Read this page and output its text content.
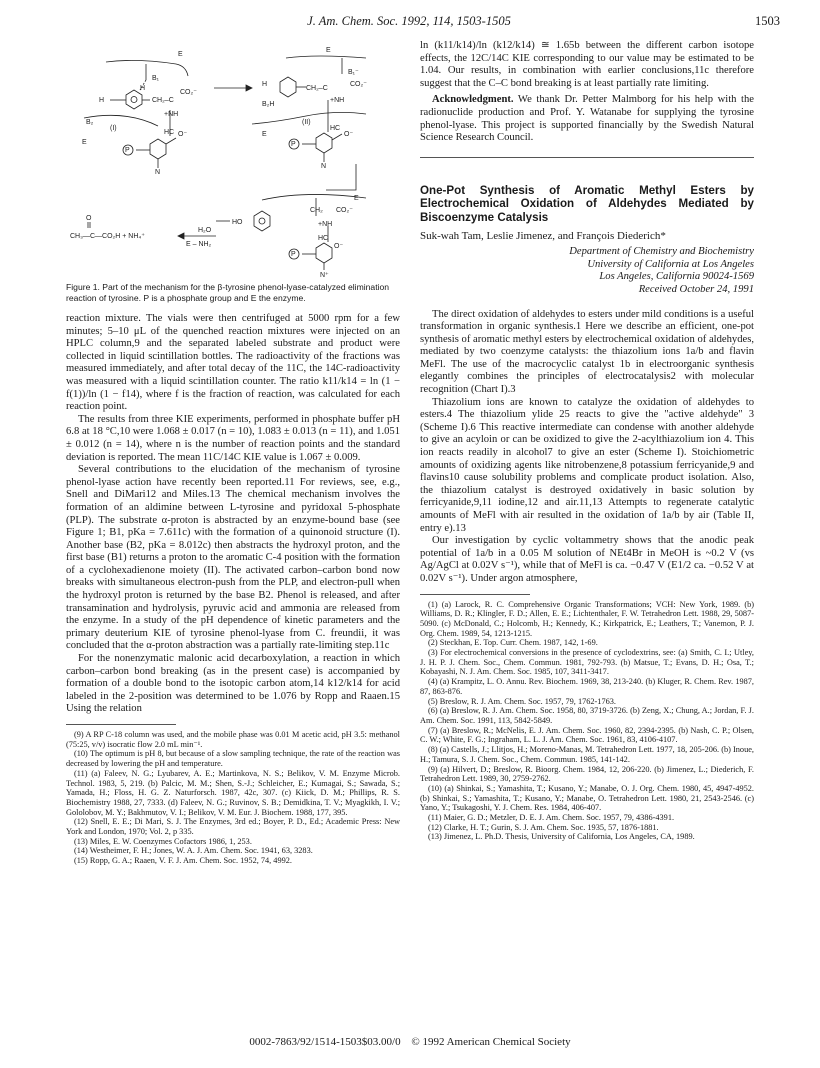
J. Am. Chem. Soc. 1992, 114, 1503-1505	1503
E
B₁
H
H	CH₂–C
CO₂⁻
+NH
HC
B₂
(I)
E
P
O⁻
N
E
B₁⁻
H
CH₂–C
CO₂⁻
+NH
B₂H
(II)
HC
E
P
O⁻
N
E
CH₂ CO₂⁻
+NH
HC
HO
H₂O
E – NH₂
O
CH₃—C—CO₂H + NH₄⁺
P
O⁻
N⁺
Figure 1. Part of the mechanism for the β-tyrosine phenol-lyase-catalyzed elimination reaction of tyrosine. P is a phosphate group and E the enzyme.

reaction mixture. The vials were then centrifuged at 5000 rpm for a few minutes; 5–10 μL of the quenched reaction mixtures were injected on an HPLC column,9 and the separated labeled substrate and product were collected in liquid scintillation bottles. The radioactivity of the fractions was measured immediately, and after total decay of the 11C, the 14C-radioactivity was measured with a liquid scintillation counter. The ratio k11/k14 = ln (1 − f(1))/ln (1 − f14), where f is the fraction of reaction, was calculated for each reaction point.

The results from three KIE experiments, performed in phosphate buffer pH 6.8 at 18 °C,10 were 1.068 ± 0.017 (n = 10), 1.083 ± 0.013 (n = 11), and 1.051 ± 0.012 (n = 14), where n is the number of reaction points and the standard deviation is reported. The mean 11C/14C KIE value is 1.067 ± 0.009.

Several contributions to the elucidation of the mechanism of tyrosine phenol-lyase action have recently been reported.11 For reviews, see, e.g., Snell and DiMari12 and Miles.13 The chemical mechanism involves the formation of an aldimine between L-tyrosine and pyridoxal 5-phosphate (PLP). The substrate α-proton is abstracted by an enzyme-bound base (see Figure 1; B1, pKa = 7.611c) with the formation of a quinonoid structure (I). Another base (B2, pKa = 8.012c) then abstracts the hydroxyl proton, and the first base (B1) returns a proton to the aromatic C-4 position with the formation of a cyclohexadienone moiety (II). The activated carbon–carbon bond now breaks with simultaneous electron-push from the PLP, and electron-pull when the hydroxyl proton is returned by the base B2. Phenol is released, and after transamination and hydrolysis, pyruvic acid and ammonia are released from the enzyme. In a study of the pH dependence of kinetic parameters and the primary deuterium KIE of tyrosine phenol-lyase from C. freundii, it was concluded that the α-proton abstraction was a partially rate-limiting step.11c

For the nonenzymatic malonic acid decarboxylation, a reaction in which carbon–carbon bond breaking (as in the present case) is accompanied by formation of a double bond to the isotopic carbon atom,14 k12/k14 for acid labeled in the 2-position was determined to be 1.076 by Ropp and Raaen.15 Using the relation

(9) A RP C-18 column was used, and the mobile phase was 0.01 M acetic acid, pH 3.5: methanol (75:25, v/v) isocratic flow 2.0 mL min⁻¹.

(10) The optimum is pH 8, but because of a slow sampling technique, the rate of the reaction was decreased by lowering the pH and temperature.

(11) (a) Faleev, N. G.; Lyubarev, A. E.; Martinkova, N. S.; Belikov, V. M. Enzyme Microb. Technol. 1983, 5, 219. (b) Palcic, M. M.; Shen, S.-J.; Schleicher, E.; Kumagai, S.; Sawada, S.; Yamada, H.; Floss, H. G. Z. Naturforsch. 1987, 42c, 307. (c) Kiick, D. M.; Phillips, R. S. Biochemistry 1988, 27, 7333. (d) Faleev, N. G.; Ruvinov, S. B.; Demidkina, T. V.; Myagkikh, I. V.; Gololobov, M. Y.; Bakhmutov, V. I.; Belikov, V. M. Eur. J. Biochem. 1988, 177, 395.

(12) Snell, E. E.; Di Mari, S. J. The Enzymes, 3rd ed.; Boyer, P. D., Ed.; Academic Press: New York and London, 1970; Vol. 2, p 335.

(13) Miles, E. W. Coenzymes Cofactors 1986, 1, 253.

(14) Westheimer, F. H.; Jones, W. A. J. Am. Chem. Soc. 1941, 63, 3283.

(15) Ropp, G. A.; Raaen, V. F. J. Am. Chem. Soc. 1952, 74, 4992.

ln (k11/k14)/ln (k12/k14) ≅ 1.65b between the different carbon isotope effects, the 12C/14C KIE corresponding to our value may be estimated to be 1.04. Our results, in combination with earlier conclusions,11c therefore suggest that the C–C bond breaking is at least partially rate limiting.

Acknowledgment. We thank Dr. Petter Malmborg for his help with the radionuclide production and Prof. Y. Watanabe for supplying the tyrosine phenol-lyase. This project is supported financially by the Swedish Natural Science Research Council.

One-Pot Synthesis of Aromatic Methyl Esters by Electrochemical Oxidation of Aldehydes Mediated by Biscoenzyme Catalysis
Suk-wah Tam, Leslie Jimenez, and François Diederich*
Department of Chemistry and Biochemistry
University of California at Los Angeles
Los Angeles, California 90024-1569
Received October 24, 1991

The direct oxidation of aldehydes to esters under mild conditions is a useful transformation in organic synthesis.1 Here we describe an efficient, one-pot synthesis of aromatic methyl esters by electrochemical oxidation of aldehydes, mediated by two coenzyme catalysts: the thiazolium ions 1a/b and flavin MeFl. The use of the macrocyclic catalyst 1b in electroorganic synthesis elegantly combines the principles of electrocatalysis2 with molecular recognition (Chart I).3

Thiazolium ions are known to catalyze the oxidation of aldehydes to esters.4 The thiazolium ylide 25 reacts to give the "active aldehyde" 3 (Scheme I).6 This reactive intermediate can condense with another aldehyde to give an acyloin or can be oxidized to give the 2-acylthiazolium ion 4. This ion reacts readily in alcohol7 to give an ester (Scheme I). Stoichiometric amounts of oxidizing agents like nitrobenzene,8 potassium ferricyanide,9 and flavins10 cause solubility problems and complicate product isolation. Also, the thiazolium catalyst is destroyed oxidatively in basic solution by ferricyanide,9,11 iodine,12 and air.11,13 Attempts to regenerate catalytic amounts of MeFl with air resulted in the oxidation of 1a/b by air (Table II, entry e).13

Our investigation by cyclic voltammetry shows that the anodic peak potential of 1a/b in a 0.05 M solution of NEt4Br in MeOH is ~0.2 V (vs Ag/AgCl at 0.02V s⁻¹), while that of MeFl is ca. −0.47 V (E1/2 ca. −0.52 V at 0.02V s⁻¹). Under argon atmosphere,

(1) (a) Larock, R. C. Comprehensive Organic Transformations; VCH: New York, 1989. (b) Williams, D. R.; Klingler, F. D.; Allen, E. E.; Lichtenthaler, F. W. Tetrahedron Lett. 1988, 29, 5087-5090. (c) McDonald, C.; Holcomb, H.; Kennedy, K.; Kirkpatrick, E.; Leathers, T.; Vanemon, P. J. Org. Chem. 1989, 54, 1213-1215.

(2) Steckhan, E. Top. Curr. Chem. 1987, 142, 1-69.

(3) For electrochemical conversions in the presence of cyclodextrins, see: (a) Smith, C. I.; Utley, J. H. P. J. Chem. Soc., Chem. Commun. 1981, 792-793. (b) Matsue, T.; Evans, D. H.; Osa, T.; Kobayashi, N. J. Am. Chem. Soc. 1985, 107, 3411-3417.

(4) (a) Krampitz, L. O. Annu. Rev. Biochem. 1969, 38, 213-240. (b) Kluger, R. Chem. Rev. 1987, 87, 863-876.

(5) Breslow, R. J. Am. Chem. Soc. 1957, 79, 1762-1763.

(6) (a) Breslow, R. J. Am. Chem. Soc. 1958, 80, 3719-3726. (b) Zeng, X.; Chung, A.; Jordan, F. J. Am. Chem. Soc. 1991, 113, 5842-5849.

(7) (a) Breslow, R.; McNelis, E. J. Am. Chem. Soc. 1960, 82, 2394-2395. (b) Nash, C. P.; Olsen, C. W.; White, F. G.; Ingraham, L. L. J. Am. Chem. Soc. 1961, 83, 4106-4107.

(8) (a) Castells, J.; Llitjos, H.; Moreno-Manas, M. Tetrahedron Lett. 1977, 18, 205-206. (b) Inoue, H.; Tamura, S. J. Chem. Soc., Chem. Commun. 1985, 141-142.

(9) (a) Hilvert, D.; Breslow, R. Bioorg. Chem. 1984, 12, 206-220. (b) Jimenez, L.; Diederich, F. Tetrahedron Lett. 1989, 30, 2759-2762.

(10) (a) Shinkai, S.; Yamashita, T.; Kusano, Y.; Manabe, O. J. Org. Chem. 1980, 45, 4947-4952. (b) Shinkai, S.; Yamashita, T.; Kusano, Y.; Manabe, O. Tetrahedron Lett. 1980, 21, 2543-2546. (c) Yano, Y.; Tsukagoshi, Y. J. Chem. Res. 1984, 406-407.

(11) Maier, G. D.; Metzler, D. E. J. Am. Chem. Soc. 1957, 79, 4386-4391.

(12) Clarke, H. T.; Gurin, S. J. Am. Chem. Soc. 1935, 57, 1876-1881.

(13) Jimenez, L. Ph.D. Thesis, University of California, Los Angeles, CA, 1989.

0002-7863/92/1514-1503$03.00/0 © 1992 American Chemical Society
